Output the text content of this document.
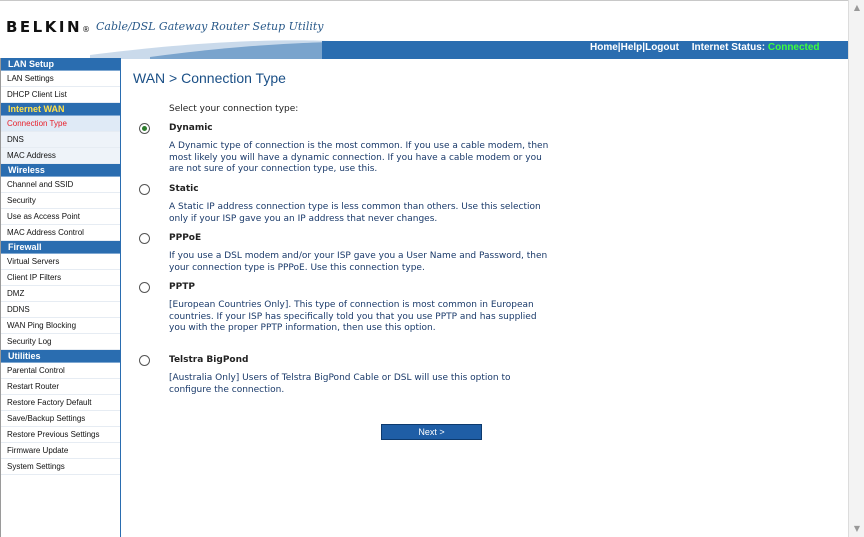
BELKIN® Cable/DSL Gateway Router Setup Utility
Home|Help|Logout Internet Status: Connected
LAN Setup
LAN Settings
DHCP Client List
Internet WAN
Connection Type
DNS
MAC Address
Wireless
Channel and SSID
Security
Use as Access Point
MAC Address Control
Firewall
Virtual Servers
Client IP Filters
DMZ
DDNS
WAN Ping Blocking
Security Log
Utilities
Parental Control
Restart Router
Restore Factory Default
Save/Backup Settings
Restore Previous Settings
Firmware Update
System Settings
WAN > Connection Type
Select your connection type:
Dynamic
A Dynamic type of connection is the most common. If you use a cable modem, then most likely you will have a dynamic connection. If you have a cable modem or you are not sure of your connection type, use this.
Static
A Static IP address connection type is less common than others. Use this selection only if your ISP gave you an IP address that never changes.
PPPoE
If you use a DSL modem and/or your ISP gave you a User Name and Password, then your connection type is PPPoE. Use this connection type.
PPTP
[European Countries Only]. This type of connection is most common in European countries. If your ISP has specifically told you that you use PPTP and has supplied you with the proper PPTP information, then use this option.
Telstra BigPond
[Australia Only] Users of Telstra BigPond Cable or DSL will use this option to configure the connection.
Next >
▲
▼
